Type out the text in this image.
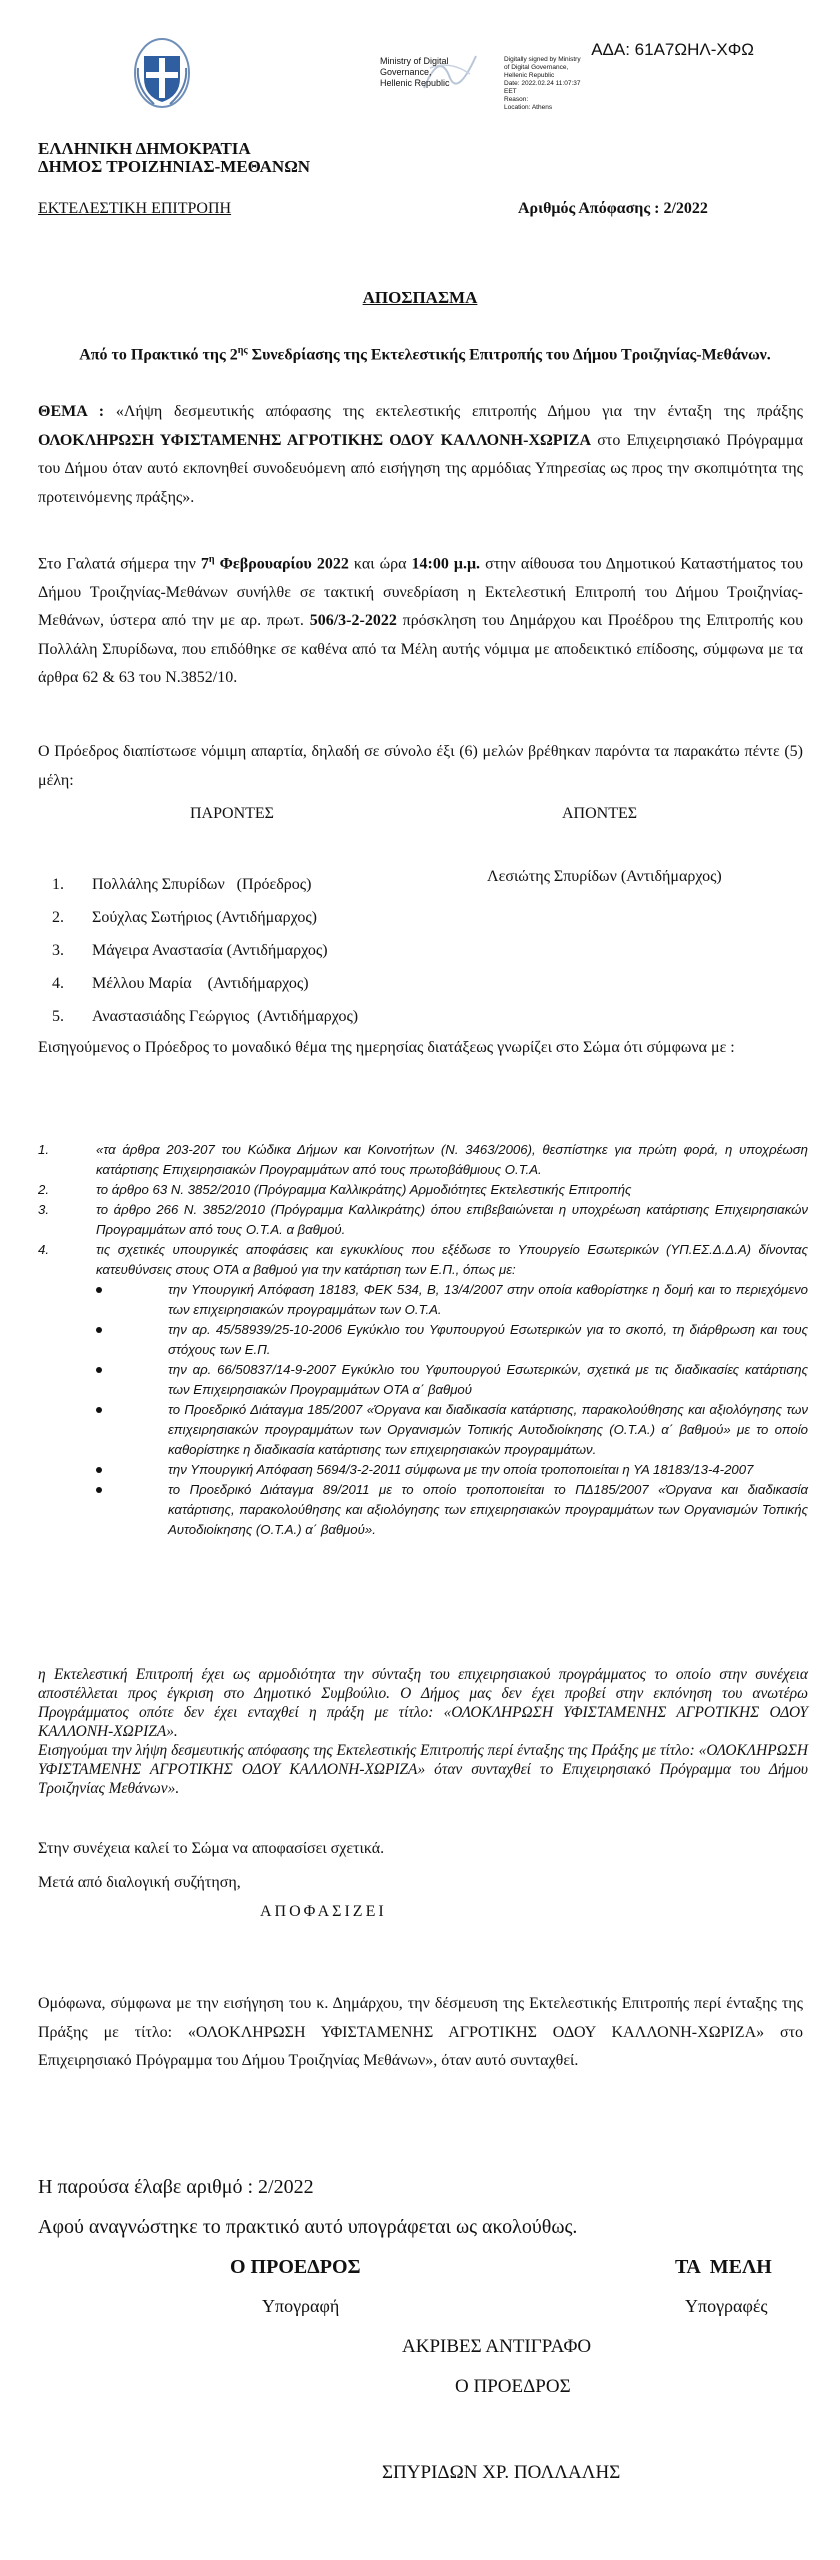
ΑΔΑ: 61Α7ΩΗΛ-ΧΦΩ
Ministry of Digital
Governance,
Hellenic Republic
Digitally signed by Ministry
of Digital Governance,
Hellenic Republic
Date: 2022.02.24 11:07:37
EET
Reason:
Location: Athens
ΕΛΛΗΝΙΚΗ ΔΗΜΟΚΡΑΤΙΑ
ΔΗΜΟΣ ΤΡΟΙΖΗΝΙΑΣ-ΜΕΘΑΝΩΝ
ΕΚΤΕΛΕΣΤΙΚΗ ΕΠΙΤΡΟΠΗ	Αριθμός Απόφασης : 2/2022
ΑΠΟΣΠΑΣΜΑ
Από το Πρακτικό της $2^{\eta\varsigma}$ Συνεδρίασης της Εκτελεστικής Επιτροπής του Δήμου Τροιζηνίας-Μεθάνων.

ΘΕΜΑ : «Λήψη δεσμευτικής απόφασης της εκτελεστικής επιτροπής Δήμου για την ένταξη της πράξης ΟΛΟΚΛΗΡΩΣΗ ΥΦΙΣΤΑΜΕΝΗΣ ΑΓΡΟΤΙΚΗΣ ΟΔΟΥ ΚΑΛΛΟΝΗ-ΧΩΡΙΖΑ στο Επιχειρησιακό Πρόγραμμα του Δήμου όταν αυτό εκπονηθεί συνοδευόμενη από εισήγηση της αρμόδιας Υπηρεσίας ως προς την σκοπιμότητα της προτεινόμενης πράξης».

Στο Γαλατά σήμερα την $7^\eta$ Φεβρουαρίου 2022 και ώρα 14:00 μ.μ. στην αίθουσα του Δημοτικού Καταστήματος του Δήμου Τροιζηνίας-Μεθάνων συνήλθε σε τακτική συνεδρίαση η Εκτελεστική Επιτροπή του Δήμου Τροιζηνίας-Μεθάνων, ύστερα από την με αρ. πρωτ. 506/3-2-2022 πρόσκληση του Δημάρχου και Προέδρου της Επιτροπής κου Πολλάλη Σπυρίδωνα, που επιδόθηκε σε καθένα από τα Μέλη αυτής νόμιμα με αποδεικτικό επίδοσης, σύμφωνα με τα άρθρα 62 & 63 του Ν.3852/10.

Ο Πρόεδρος διαπίστωσε νόμιμη απαρτία, δηλαδή σε σύνολο έξι (6) μελών βρέθηκαν παρόντα τα παρακάτω πέντε (5) μέλη:

ΠΑΡΟΝΤΕΣ	ΑΠΟΝΤΕΣ
1. Πολλάλης Σπυρίδων   (Πρόεδρος)
2. Σούχλας Σωτήριος (Αντιδήμαρχος)
3. Μάγειρα Αναστασία (Αντιδήμαρχος)
4. Μέλλου Μαρία    (Αντιδήμαρχος)
5. Αναστασιάδης Γεώργιος  (Αντιδήμαρχος)
Λεσιώτης Σπυρίδων (Αντιδήμαρχος)

Εισηγούμενος ο Πρόεδρος το μοναδικό θέμα της ημερησίας διατάξεως γνωρίζει στο Σώμα ότι σύμφωνα με :

1.	«τα άρθρα 203-207 του Κώδικα Δήμων και Κοινοτήτων (Ν. 3463/2006), θεσπίστηκε για πρώτη φορά, η υποχρέωση κατάρτισης Επιχειρησιακών Προγραμμάτων από τους πρωτοβάθμιους Ο.Τ.Α.
2.	το άρθρο 63 Ν. 3852/2010 (Πρόγραμμα Καλλικράτης) Αρμοδιότητες Εκτελεστικής Επιτροπής
3.	το άρθρο 266 Ν. 3852/2010 (Πρόγραμμα Καλλικράτης) όπου επιβεβαιώνεται η υποχρέωση κατάρτισης Επιχειρησιακών Προγραμμάτων από τους Ο.Τ.Α. α βαθμού.
4.	τις σχετικές υπουργικές αποφάσεις και εγκυκλίους που εξέδωσε το Υπουργείο Εσωτερικών (ΥΠ.ΕΣ.Δ.Δ.Α) δίνοντας κατευθύνσεις στους ΟΤΑ α βαθμού για την κατάρτιση των Ε.Π., όπως με:
την Υπουργική Απόφαση 18183, ΦΕΚ 534, Β, 13/4/2007 στην οποία καθορίστηκε η δομή και το περιεχόμενο των επιχειρησιακών προγραμμάτων των Ο.Τ.Α.
την αρ. 45/58939/25-10-2006 Εγκύκλιο του Υφυπουργού Εσωτερικών για το σκοπό, τη διάρθρωση και τους στόχους των Ε.Π.
την αρ. 66/50837/14-9-2007 Εγκύκλιο του Υφυπουργού Εσωτερικών, σχετικά με τις διαδικασίες κατάρτισης των Επιχειρησιακών Προγραμμάτων ΟΤΑ α΄ βαθμού
το Προεδρικό Διάταγμα 185/2007 «Όργανα και διαδικασία κατάρτισης, παρακολούθησης και αξιολόγησης των επιχειρησιακών προγραμμάτων των Οργανισμών Τοπικής Αυτοδιοίκησης (Ο.Τ.Α.) α΄ βαθμού» με το οποίο καθορίστηκε η διαδικασία κατάρτισης των επιχειρησιακών προγραμμάτων.
την Υπουργική Απόφαση 5694/3-2-2011 σύμφωνα με την οποία τροποποιείται η ΥΑ 18183/13-4-2007
το Προεδρικό Διάταγμα 89/2011 με το οποίο τροποποιείται το ΠΔ185/2007 «Όργανα και διαδικασία κατάρτισης, παρακολούθησης και αξιολόγησης των επιχειρησιακών προγραμμάτων των Οργανισμών Τοπικής Αυτοδιοίκησης (Ο.Τ.Α.) α΄ βαθμού».

η Εκτελεστική Επιτροπή έχει ως αρμοδιότητα την σύνταξη του επιχειρησιακού προγράμματος το οποίο στην συνέχεια αποστέλλεται προς έγκριση στο Δημοτικό Συμβούλιο. Ο Δήμος μας δεν έχει προβεί στην εκπόνηση του ανωτέρω Προγράμματος οπότε δεν έχει ενταχθεί η πράξη με τίτλο: «ΟΛΟΚΛΗΡΩΣΗ ΥΦΙΣΤΑΜΕΝΗΣ ΑΓΡΟΤΙΚΗΣ ΟΔΟΥ ΚΑΛΛΟΝΗ-ΧΩΡΙΖΑ».

Εισηγούμαι την λήψη δεσμευτικής απόφασης της Εκτελεστικής Επιτροπής περί ένταξης της Πράξης με τίτλο: «ΟΛΟΚΛΗΡΩΣΗ ΥΦΙΣΤΑΜΕΝΗΣ ΑΓΡΟΤΙΚΗΣ ΟΔΟΥ ΚΑΛΛΟΝΗ-ΧΩΡΙΖΑ» όταν συνταχθεί το Επιχειρησιακό Πρόγραμμα του Δήμου Τροιζηνίας Μεθάνων».

Στην συνέχεια καλεί το Σώμα να αποφασίσει σχετικά.
Μετά από διαλογική συζήτηση,
ΑΠΟΦΑΣΙΖΕΙ

Ομόφωνα, σύμφωνα με την εισήγηση του κ. Δημάρχου, την δέσμευση της Εκτελεστικής Επιτροπής περί ένταξης της Πράξης με τίτλο: «ΟΛΟΚΛΗΡΩΣΗ ΥΦΙΣΤΑΜΕΝΗΣ ΑΓΡΟΤΙΚΗΣ ΟΔΟΥ ΚΑΛΛΟΝΗ-ΧΩΡΙΖΑ» στο Επιχειρησιακό Πρόγραμμα του Δήμου Τροιζηνίας Μεθάνων», όταν αυτό συνταχθεί.

Η παρούσα έλαβε αριθμό : 2/2022
Αφού αναγνώστηκε το πρακτικό αυτό υπογράφεται ως ακολούθως.
Ο ΠΡΟΕΔΡΟΣ	ΤΑ  ΜΕΛΗ
Υπογραφή	Υπογραφές
ΑΚΡΙΒΕΣ ΑΝΤΙΓΡΑΦΟ
Ο ΠΡΟΕΔΡΟΣ
ΣΠΥΡΙΔΩΝ ΧΡ. ΠΟΛΛΑΛΗΣ
